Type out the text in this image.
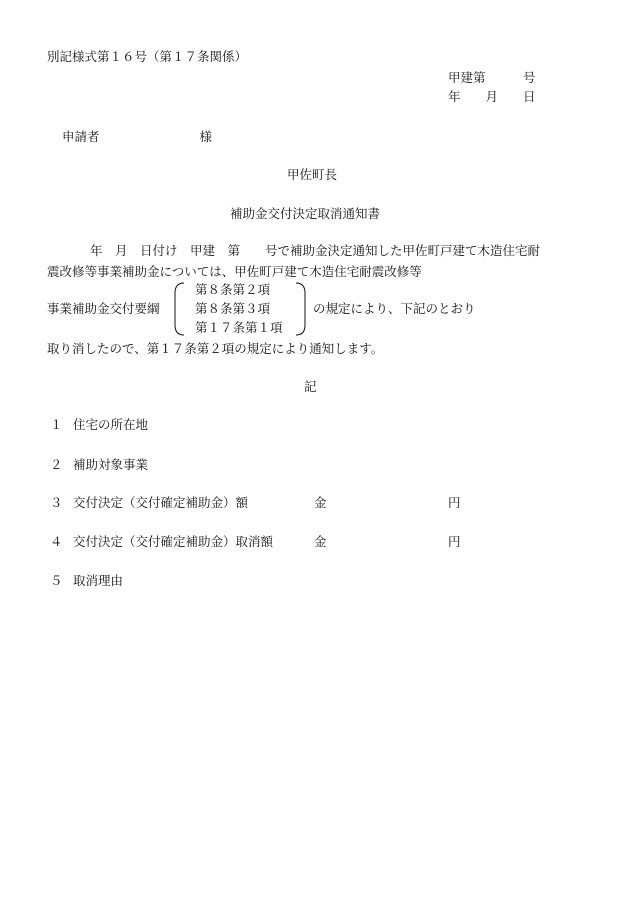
別記様式第１６号（第１７条関係）
甲建第　　　号
年　　月　　日
申請者　　　　　　　　様
甲佐町長
補助金交付決定取消通知書
年　月　日付け　甲建　第　　号で補助金決定通知した甲佐町戸建て木造住宅耐
震改修等事業補助金については、甲佐町戸建て木造住宅耐震改修等
事業補助金交付要綱
第８条第２項
第８条第３項
第１７条第１項
の規定により、下記のとおり
取り消したので、第１７条第２項の規定により通知します。
記
１ 住宅の所在地
２ 補助対象事業
３ 交付決定（交付確定補助金）額	金	円
４ 交付決定（交付確定補助金）取消額	金	円
５ 取消理由
